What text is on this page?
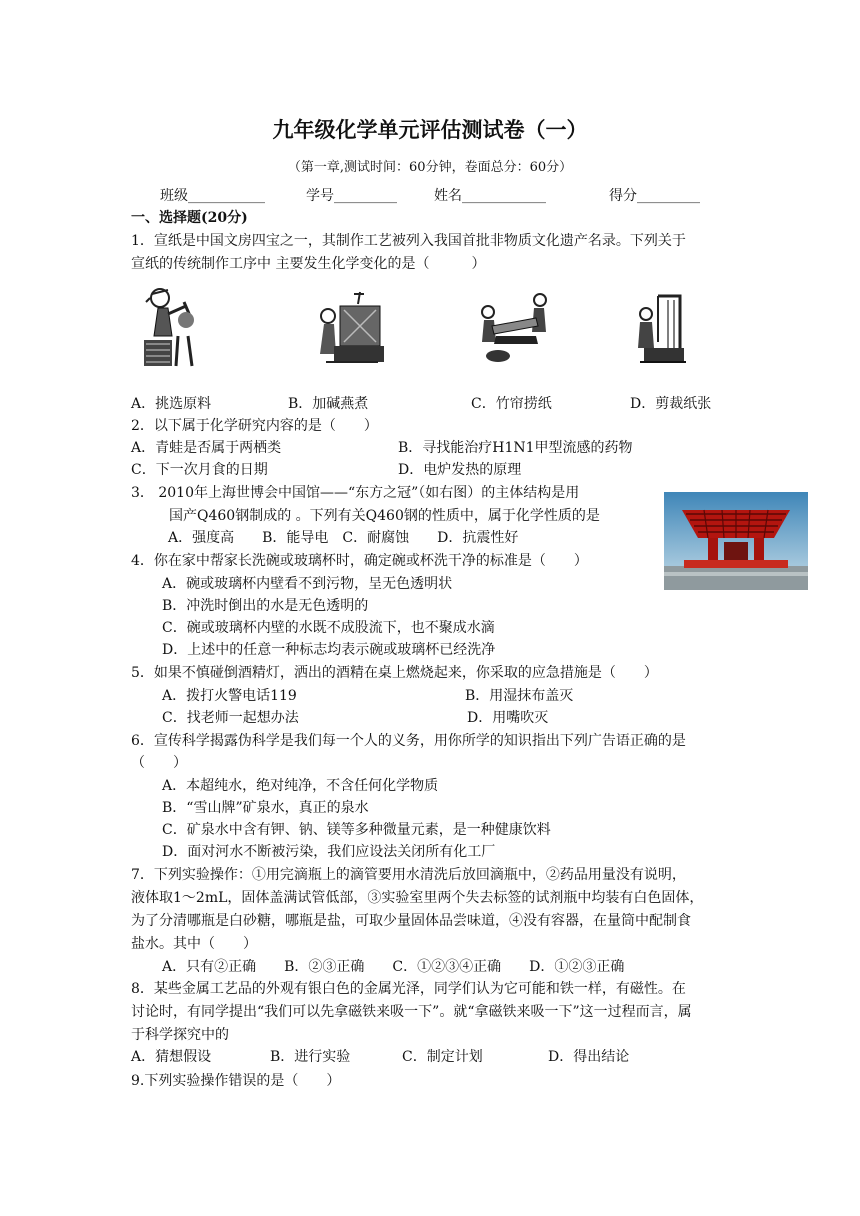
九年级化学单元评估测试卷（一）
（第一章,测试时间：60分钟，卷面总分：60分）
班级___________	学号_________	姓名____________	得分_________
一、选择题(20分)
1．宣纸是中国文房四宝之一，其制作工艺被列入我国首批非物质文化遗产名录。下列关于
宣纸的传统制作工序中 主要发生化学变化的是（　　　）
A．挑选原料	B．加碱燕煮	C．竹帘捞纸	D．剪裁纸张
2．以下属于化学研究内容的是（　　）
A．青蛙是否属于两栖类	B．寻找能治疗H1N1甲型流感的药物
C．下一次月食的日期	D．电炉发热的原理
3． 2010年上海世博会中国馆——“东方之冠”（如右图）的主体结构是用
国产Q460钢制成的 。下列有关Q460钢的性质中，属于化学性质的是
A．强度高　　B．能导电　C．耐腐蚀　　D．抗震性好
4．你在家中帮家长洗碗或玻璃杯时，确定碗或杯洗干净的标准是（　　）
A．碗或玻璃杯内壁看不到污物，呈无色透明状
B．冲洗时倒出的水是无色透明的
C．碗或玻璃杯内壁的水既不成股流下，也不聚成水滴
D．上述中的任意一种标志均表示碗或玻璃杯已经洗净
5．如果不慎碰倒酒精灯，洒出的酒精在桌上燃烧起来，你采取的应急措施是（　　）
A．拨打火警电话119	B．用湿抹布盖灭
C．找老师一起想办法	D．用嘴吹灭
6．宣传科学揭露伪科学是我们每一个人的义务，用你所学的知识指出下列广告语正确的是
（　　）
A．本超纯水，绝对纯净，不含任何化学物质
B．“雪山牌”矿泉水，真正的泉水
C．矿泉水中含有钾、钠、镁等多种微量元素，是一种健康饮料
D．面对河水不断被污染，我们应设法关闭所有化工厂
7．下列实验操作：①用完滴瓶上的滴管要用水清洗后放回滴瓶中，②药品用量没有说明，
液体取1～2mL，固体盖满试管低部，③实验室里两个失去标签的试剂瓶中均装有白色固体，
为了分清哪瓶是白砂糖，哪瓶是盐，可取少量固体品尝味道，④没有容器，在量筒中配制食
盐水。其中（　　）
A．只有②正确　　B．②③正确　　C．①②③④正确　　D．①②③正确
8．某些金属工艺品的外观有银白色的金属光泽，同学们认为它可能和铁一样，有磁性。在
讨论时，有同学提出“我们可以先拿磁铁来吸一下”。就“拿磁铁来吸一下”这一过程而言，属
于科学探究中的
A．猜想假设	B．进行实验	C．制定计划	D．得出结论
9.下列实验操作错误的是（　　）
